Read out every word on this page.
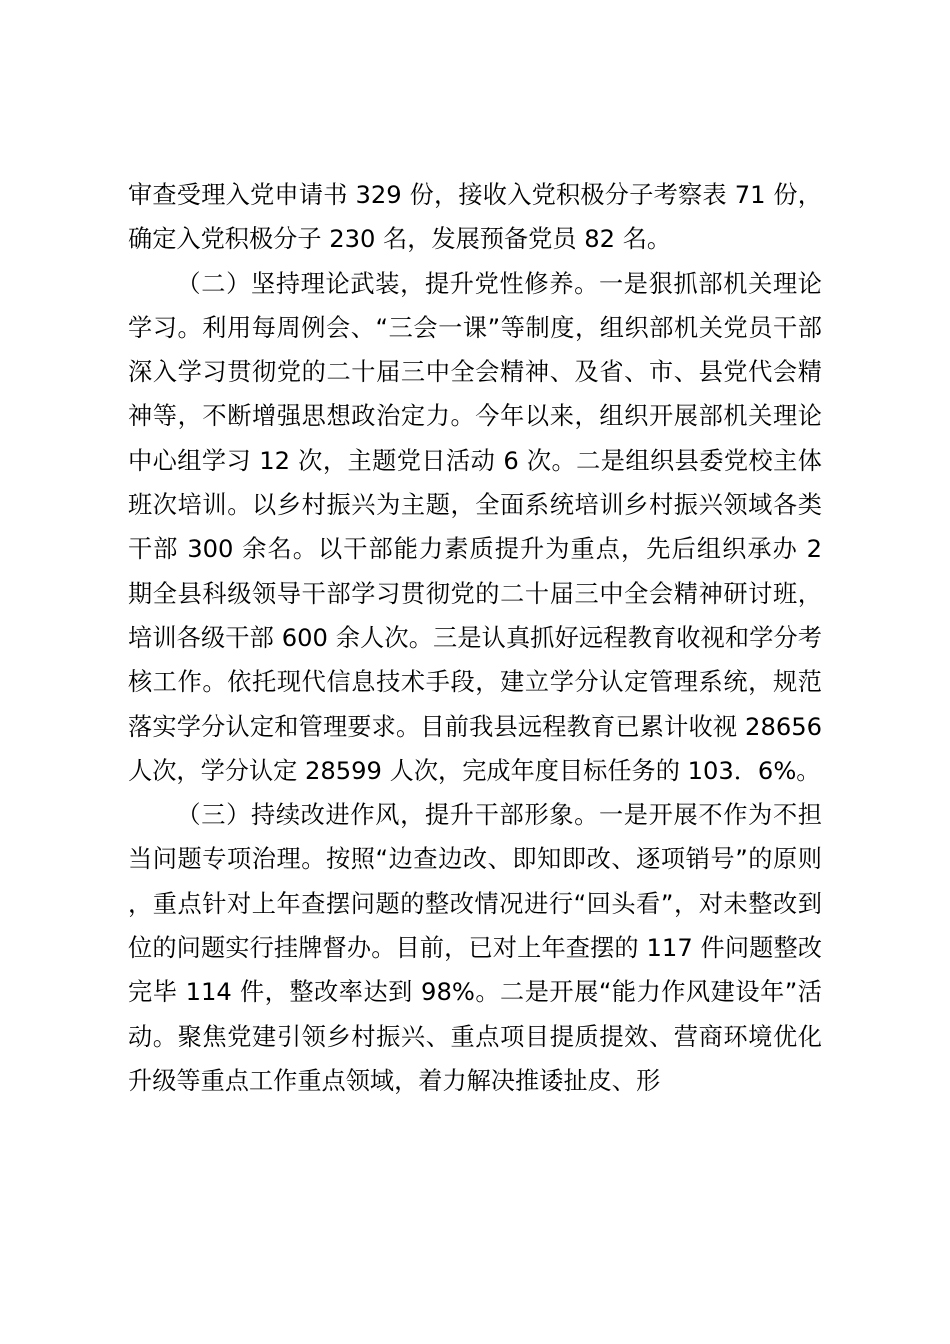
审查受理入党申请书 329 份，接收入党积极分子考察表 71 份，确定入党积极分子 230 名，发展预备党员 82 名。

（二）坚持理论武装，提升党性修养。一是狠抓部机关理论学习。利用每周例会、“三会一课”等制度，组织部机关党员干部深入学习贯彻党的二十届三中全会精神、及省、市、县党代会精神等，不断增强思想政治定力。今年以来，组织开展部机关理论中心组学习 12 次，主题党日活动 6 次。二是组织县委党校主体班次培训。以乡村振兴为主题，全面系统培训乡村振兴领域各类干部 300 余名。以干部能力素质提升为重点，先后组织承办 2 期全县科级领导干部学习贯彻党的二十届三中全会精神研讨班，培训各级干部 600 余人次。三是认真抓好远程教育收视和学分考核工作。依托现代信息技术手段，建立学分认定管理系统，规范落实学分认定和管理要求。目前我县远程教育已累计收视 28656 人次，学分认定 28599 人次，完成年度目标任务的 103．6%。

（三）持续改进作风，提升干部形象。一是开展不作为不担当问题专项治理。按照“边查边改、即知即改、逐项销号”的原则，重点针对上年查摆问题的整改情况进行“回头看”，对未整改到位的问题实行挂牌督办。目前，已对上年查摆的 117 件问题整改完毕 114 件，整改率达到 98%。二是开展“能力作风建设年”活动。聚焦党建引领乡村振兴、重点项目提质提效、营商环境优化升级等重点工作重点领域，着力解决推诿扯皮、形
